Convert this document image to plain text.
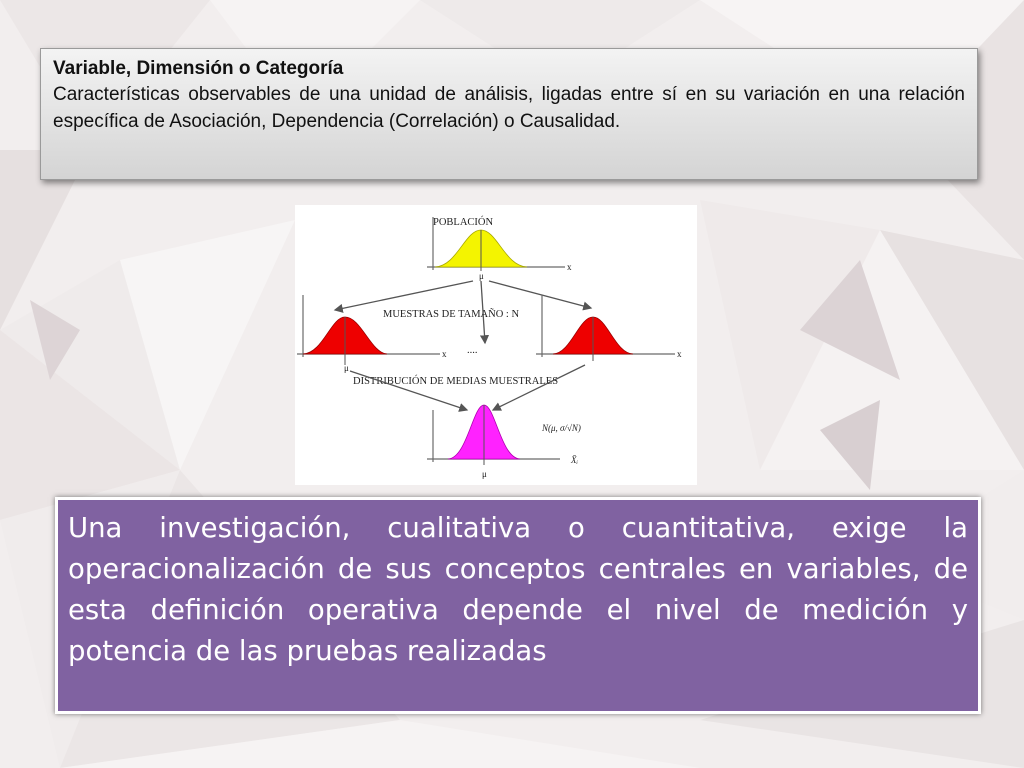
Variable, Dimensión o Categoría

Características observables de una unidad de análisis, ligadas entre sí en su variación en una relación específica de Asociación, Dependencia (Correlación) o Causalidad.

POBLACIÓN
μ
x
MUESTRAS DE TAMAÑO : N
μ
x ....	x
DISTRIBUCIÓN DE MEDIAS MUESTRALES
μ
N(μ, σ/√N)
X̄ᵢ

Una investigación, cualitativa o cuantitativa, exige la operacionalización de sus conceptos centrales en variables, de esta definición operativa depende el nivel de medición y potencia de las pruebas realizadas
